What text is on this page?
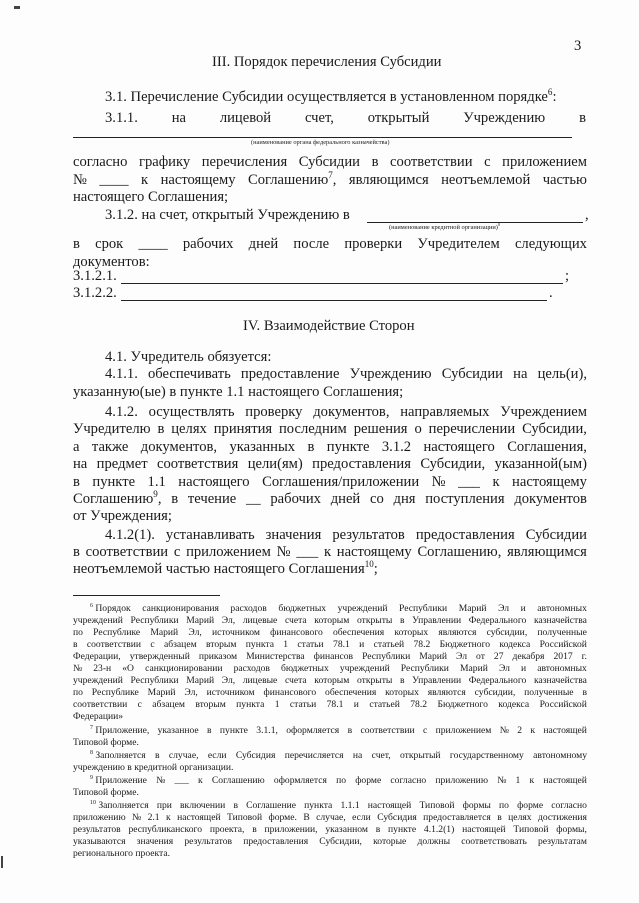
3
III. Порядок перечисления Субсидии
3.1. Перечисление Субсидии осуществляется в установленном порядке$^6$:
3.1.1. на лицевой счет, открытый Учреждению в
(наименование органа федерального казначейства)
согласно графику перечисления Субсидии в соответствии с приложением
№ ____ к настоящему Соглашению$^7$, являющимся неотъемлемой частью
настоящего Соглашения;
3.1.2. на счет, открытый Учреждению в	,
(наименование кредитной организации)$^8$
в срок ____ рабочих дней после проверки Учредителем следующих
документов:
3.1.2.1.	;
3.1.2.2.	.
IV. Взаимодействие Сторон
4.1. Учредитель обязуется:
4.1.1. обеспечивать предоставление Учреждению Субсидии на цель(и),
указанную(ые) в пункте 1.1 настоящего Соглашения;
4.1.2. осуществлять проверку документов, направляемых Учреждением
Учредителю в целях принятия последним решения о перечислении Субсидии,
а также документов, указанных в пункте 3.1.2 настоящего Соглашения,
на предмет соответствия цели(ям) предоставления Субсидии, указанной(ым)
в пункте 1.1 настоящего Соглашения/приложении № ___ к настоящему
Соглашению$^9$, в течение __ рабочих дней со дня поступления документов
от Учреждения;
4.1.2(1). устанавливать значения результатов предоставления Субсидии
в соответствии с приложением № ___ к настоящему Соглашению, являющимся
неотъемлемой частью настоящего Соглашения$^{10}$;
$^6$ Порядок санкционирования расходов бюджетных учреждений Республики Марий Эл и автономных
учреждений Республики Марий Эл, лицевые счета которым открыты в Управлении Федерального казначейства
по Республике Марий Эл, источником финансового обеспечения которых являются субсидии, полученные
в соответствии с абзацем вторым пункта 1 статьи 78.1 и статьей 78.2 Бюджетного кодекса Российской
Федерации, утвержденный приказом Министерства финансов Республики Марий Эл от 27 декабря 2017 г.
№ 23-н «О санкционировании расходов бюджетных учреждений Республики Марий Эл и автономных
учреждений Республики Марий Эл, лицевые счета которым открыты в Управлении Федерального казначейства
по Республике Марий Эл, источником финансового обеспечения которых являются субсидии, полученные в
соответствии с абзацем вторым пункта 1 статьи 78.1 и статьей 78.2 Бюджетного кодекса Российской
Федерации»
$^7$ Приложение, указанное в пункте 3.1.1, оформляется в соответствии с приложением № 2 к настоящей
Типовой форме.
$^8$ Заполняется в случае, если Субсидия перечисляется на счет, открытый государственному автономному
учреждению в кредитной организации.
$^9$ Приложение № ___ к Соглашению оформляется по форме согласно приложению № 1 к настоящей
Типовой форме.
$^{10}$ Заполняется при включении в Соглашение пункта 1.1.1 настоящей Типовой формы по форме согласно
приложению № 2.1 к настоящей Типовой форме. В случае, если Субсидия предоставляется в целях достижения
результатов республиканского проекта, в приложении, указанном в пункте 4.1.2(1) настоящей Типовой формы,
указываются значения результатов предоставления Субсидии, которые должны соответствовать результатам
регионального проекта.
